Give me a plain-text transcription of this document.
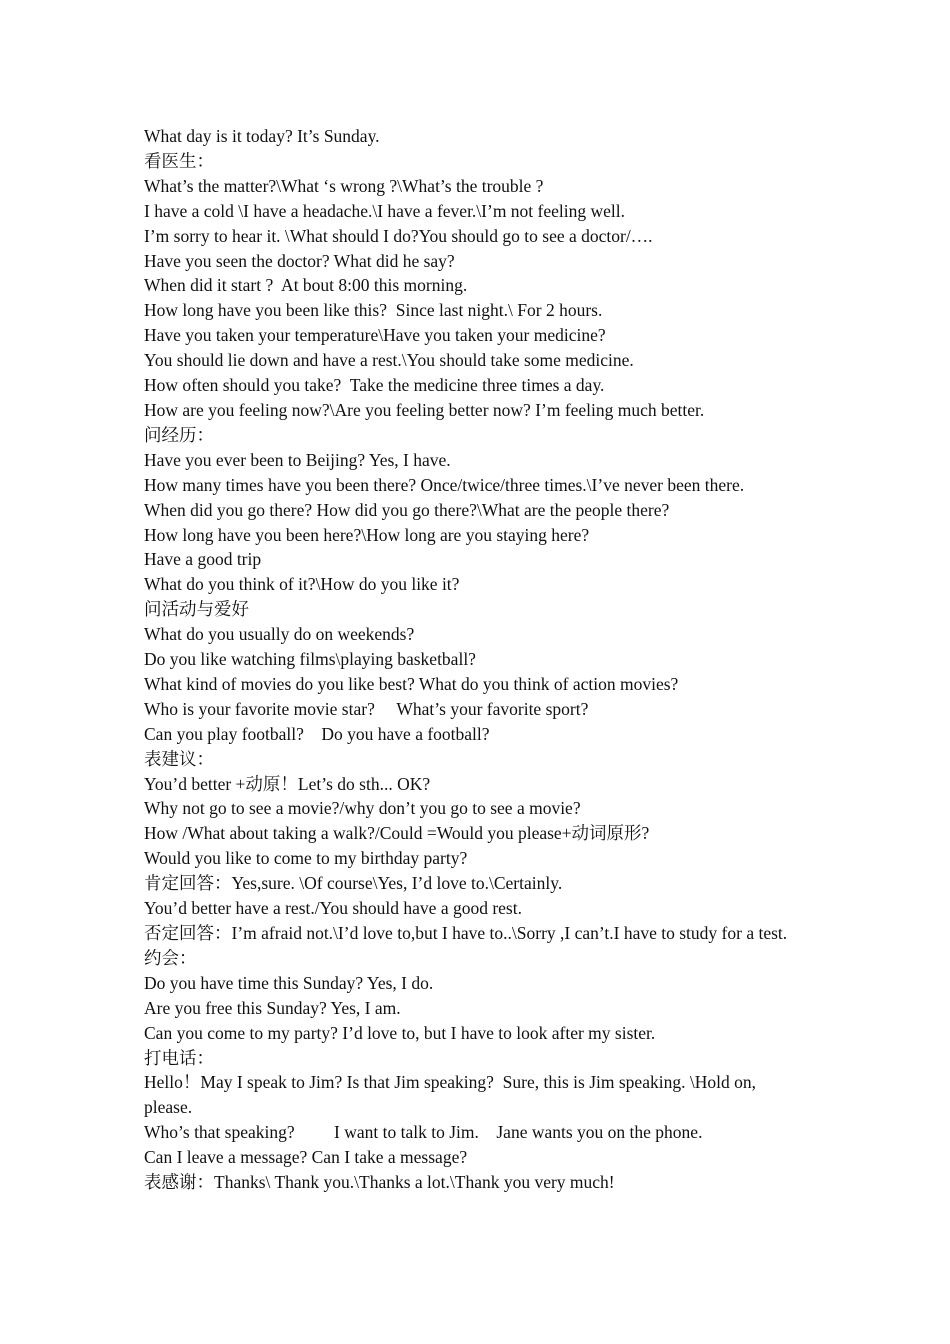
What day is it today? It’s Sunday.

看医生：

What’s the matter?\What ‘s wrong ?\What’s the trouble ?

I have a cold \I have a headache.\I have a fever.\I’m not feeling well.

I’m sorry to hear it. \What should I do?You should go to see a doctor/….

Have you seen the doctor? What did he say?

When did it start ?  At bout 8:00 this morning.

How long have you been like this?  Since last night.\ For 2 hours.

Have you taken your temperature\Have you taken your medicine?

You should lie down and have a rest.\You should take some medicine.

How often should you take?  Take the medicine three times a day.

How are you feeling now?\Are you feeling better now? I’m feeling much better.

问经历：

Have you ever been to Beijing? Yes, I have.

How many times have you been there? Once/twice/three times.\I’ve never been there.

When did you go there? How did you go there?\What are the people there?

How long have you been here?\How long are you staying here?

Have a good trip

What do you think of it?\How do you like it?

问活动与爱好

What do you usually do on weekends?

Do you like watching films\playing basketball?

What kind of movies do you like best? What do you think of action movies?

Who is your favorite movie star?     What’s your favorite sport?

Can you play football?    Do you have a football?

表建议：

You’d better +动原！Let’s do sth... OK?

Why not go to see a movie?/why don’t you go to see a movie?

How /What about taking a walk?/Could =Would you please+动词原形?

Would you like to come to my birthday party?

肯定回答：Yes,sure. \Of course\Yes, I’d love to.\Certainly.

You’d better have a rest./You should have a good rest.

否定回答：I’m afraid not.\I’d love to,but I have to..\Sorry ,I can’t.I have to study for a test.

约会：

Do you have time this Sunday? Yes, I do.

Are you free this Sunday? Yes, I am.

Can you come to my party? I’d love to, but I have to look after my sister.

打电话：

Hello！May I speak to Jim? Is that Jim speaking?  Sure, this is Jim speaking. \Hold on, please.

Who’s that speaking?         I want to talk to Jim.    Jane wants you on the phone.

Can I leave a message? Can I take a message?

表感谢：Thanks\ Thank you.\Thanks a lot.\Thank you very much!
